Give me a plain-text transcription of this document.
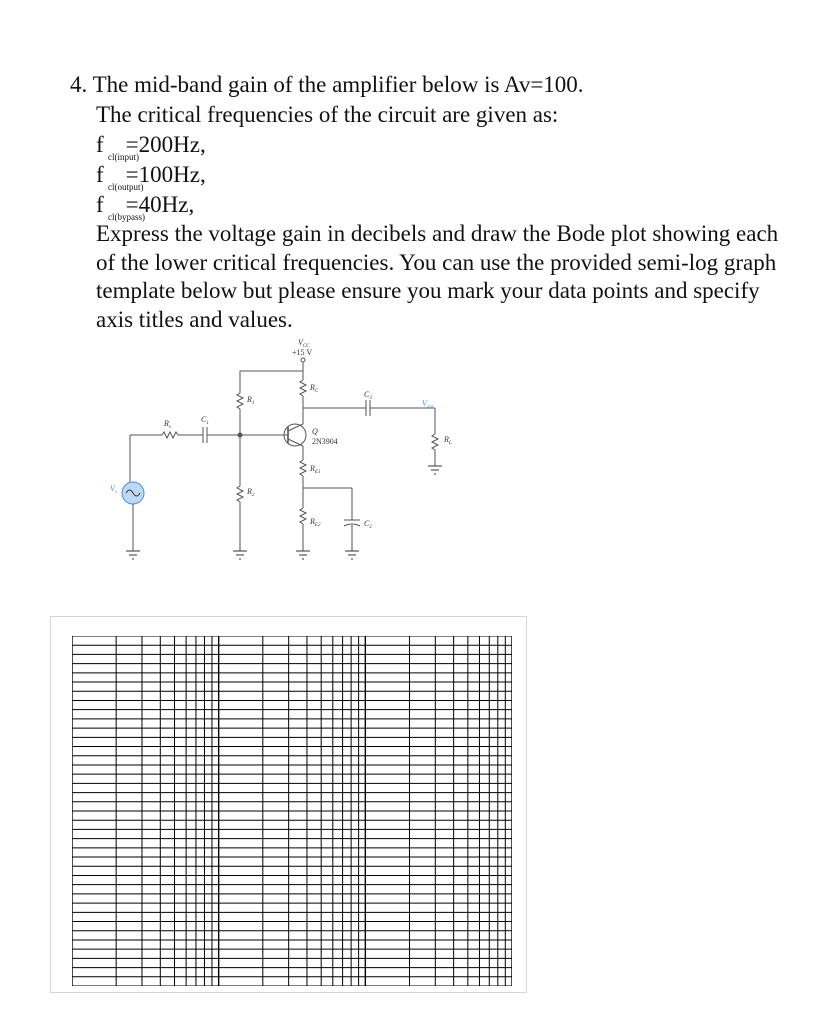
4. The mid-band gain of the amplifier below is Av=100.
The critical frequencies of the circuit are given as:
f cl(input)
=200Hz,
f cl(output)
=100Hz,
f cl(bypass)
=40Hz,
Express the voltage gain in decibels and draw the Bode plot showing each of the lower critical frequencies. You can use the provided semi-log graph template below but please ensure you mark your data points and specify axis titles and values.
$V_{CC}$
+15 V
$R_C$	$C_3$
$V_{out}$
$R_L$
$R_1$
$R_s$
$C_1$
$V_s$
Q
2N3904
$R_{E1}$
$C_2$
$R_{E2}$
$R_2$
